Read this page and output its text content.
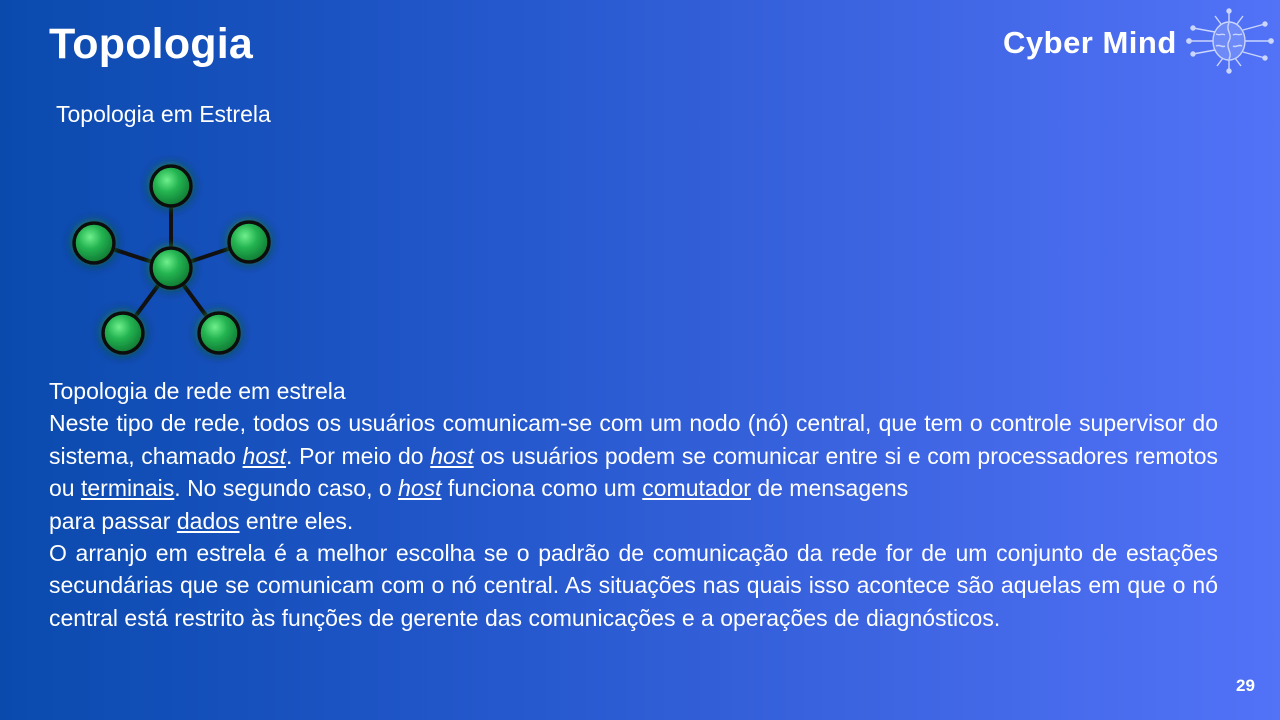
Topologia	Cyber Mind

Topologia em Estrela

Topologia de rede em estrela

Neste tipo de rede, todos os usuários comunicam-se com um nodo (nó) central, que tem o controle supervisor do sistema, chamado host. Por meio do host os usuários podem se comunicar entre si e com processadores remotos ou terminais. No segundo caso, o host funciona como um comutador de mensagens

para passar dados entre eles.

O arranjo em estrela é a melhor escolha se o padrão de comunicação da rede for de um conjunto de estações secundárias que se comunicam com o nó central. As situações nas quais isso acontece são aquelas em que o nó central está restrito às funções de gerente das comunicações e a operações de diagnósticos.

29
